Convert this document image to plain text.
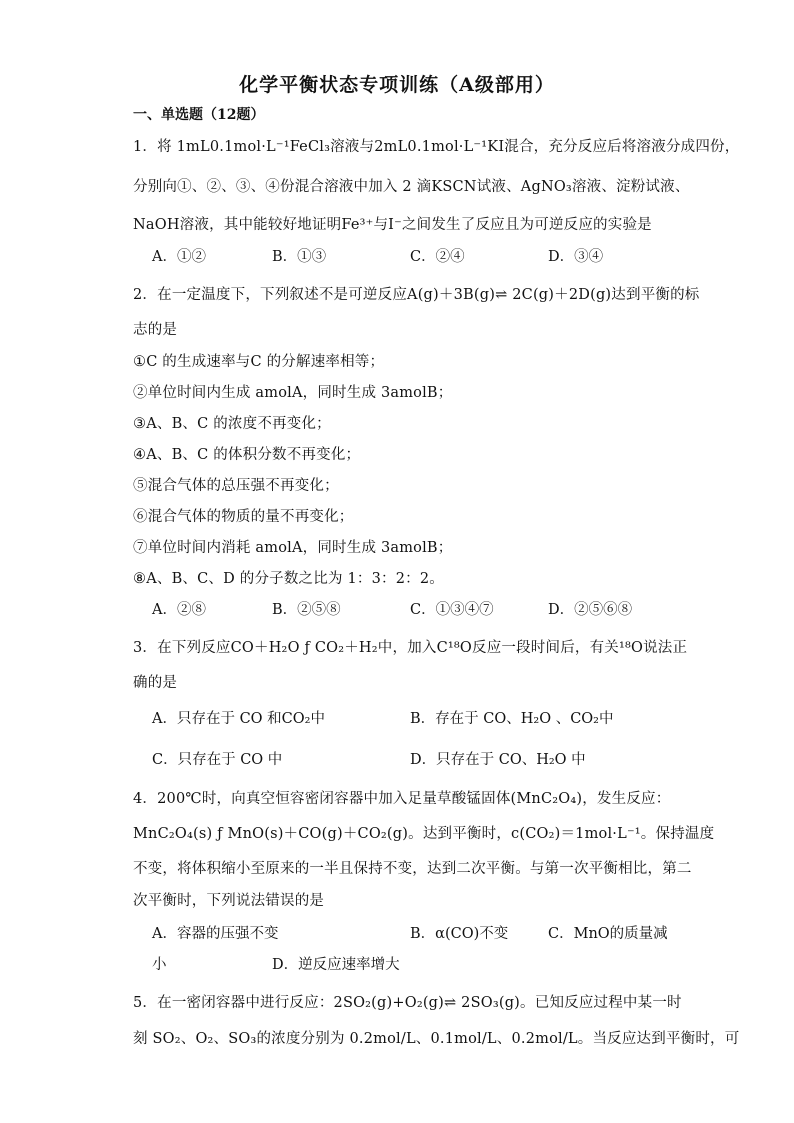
化学平衡状态专项训练（A级部用）
一、单选题（12题）
1．将 1mL0.1mol·L⁻¹FeCl₃溶液与2mL0.1mol·L⁻¹KI混合，充分反应后将溶液分成四份，
分别向①、②、③、④份混合溶液中加入 2 滴KSCN试液、AgNO₃溶液、淀粉试液、
NaOH溶液，其中能较好地证明Fe³⁺与I⁻之间发生了反应且为可逆反应的实验是
A．①②	B．①③	C．②④	D．③④
2．在一定温度下，下列叙述不是可逆反应A(g)＋3B(g)⇌ 2C(g)＋2D(g)达到平衡的标
志的是
①C 的生成速率与C 的分解速率相等；
②单位时间内生成 amolA，同时生成 3amolB；
③A、B、C 的浓度不再变化；
④A、B、C 的体积分数不再变化；
⑤混合气体的总压强不再变化；
⑥混合气体的物质的量不再变化；
⑦单位时间内消耗 amolA，同时生成 3amolB；
⑧A、B、C、D 的分子数之比为 1：3：2：2。
A．②⑧	B．②⑤⑧	C．①③④⑦	D．②⑤⑥⑧
3．在下列反应CO＋H₂O ƒ CO₂＋H₂中，加入C¹⁸O反应一段时间后，有关¹⁸O说法正
确的是
A．只存在于 CO 和CO₂中	B．存在于 CO、H₂O 、CO₂中
C．只存在于 CO 中	D．只存在于 CO、H₂O 中
4．200℃时，向真空恒容密闭容器中加入足量草酸锰固体(MnC₂O₄)，发生反应：
MnC₂O₄(s) ƒ MnO(s)＋CO(g)＋CO₂(g)。达到平衡时，c(CO₂)＝1mol·L⁻¹。保持温度
不变，将体积缩小至原来的一半且保持不变，达到二次平衡。与第一次平衡相比，第二
次平衡时，下列说法错误的是
A．容器的压强不变	B．α(CO)不变	C．MnO的质量减
小	D．逆反应速率增大
5．在一密闭容器中进行反应：2SO₂(g)+O₂(g)⇌ 2SO₃(g)。已知反应过程中某一时
刻 SO₂、O₂、SO₃的浓度分别为 0.2mol/L、0.1mol/L、0.2mol/L。当反应达到平衡时，可
